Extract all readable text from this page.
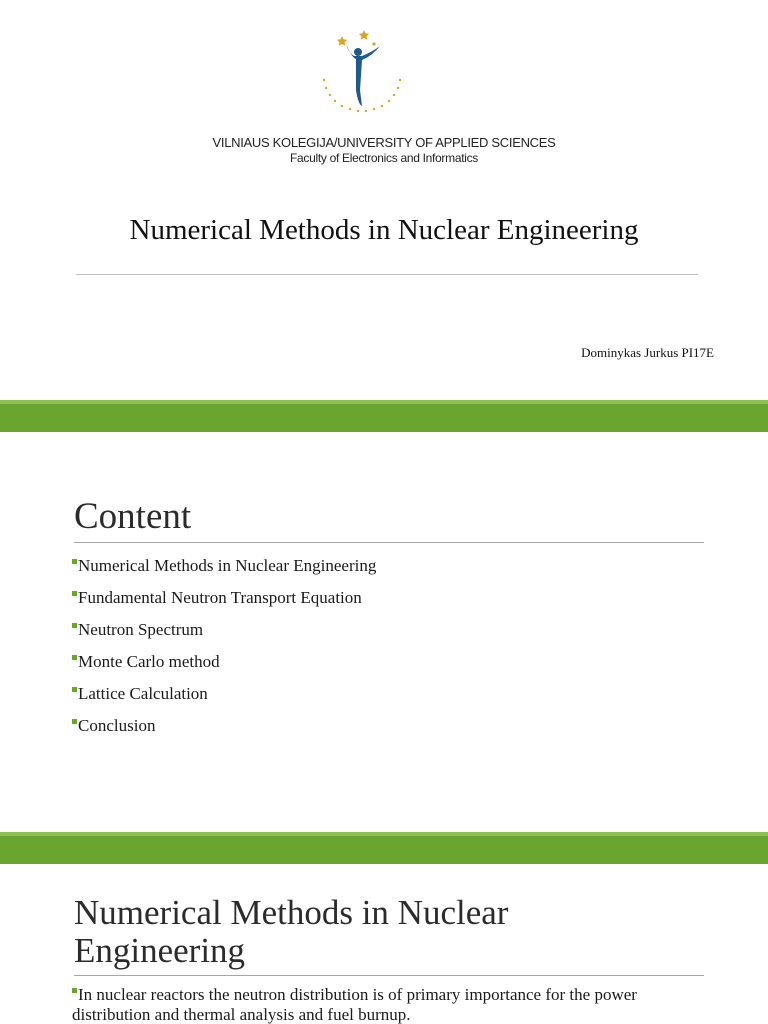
VILNIAUS KOLEGIJA/UNIVERSITY OF APPLIED SCIENCES
Faculty of Electronics and Informatics
Numerical Methods in Nuclear Engineering
Dominykas Jurkus PI17E
Content
Numerical Methods in Nuclear Engineering
Fundamental Neutron Transport Equation
Neutron Spectrum
Monte Carlo method
Lattice Calculation
Conclusion
Numerical Methods in Nuclear
Engineering
In nuclear reactors the neutron distribution is of primary importance for the power distribution and thermal analysis and fuel burnup.
